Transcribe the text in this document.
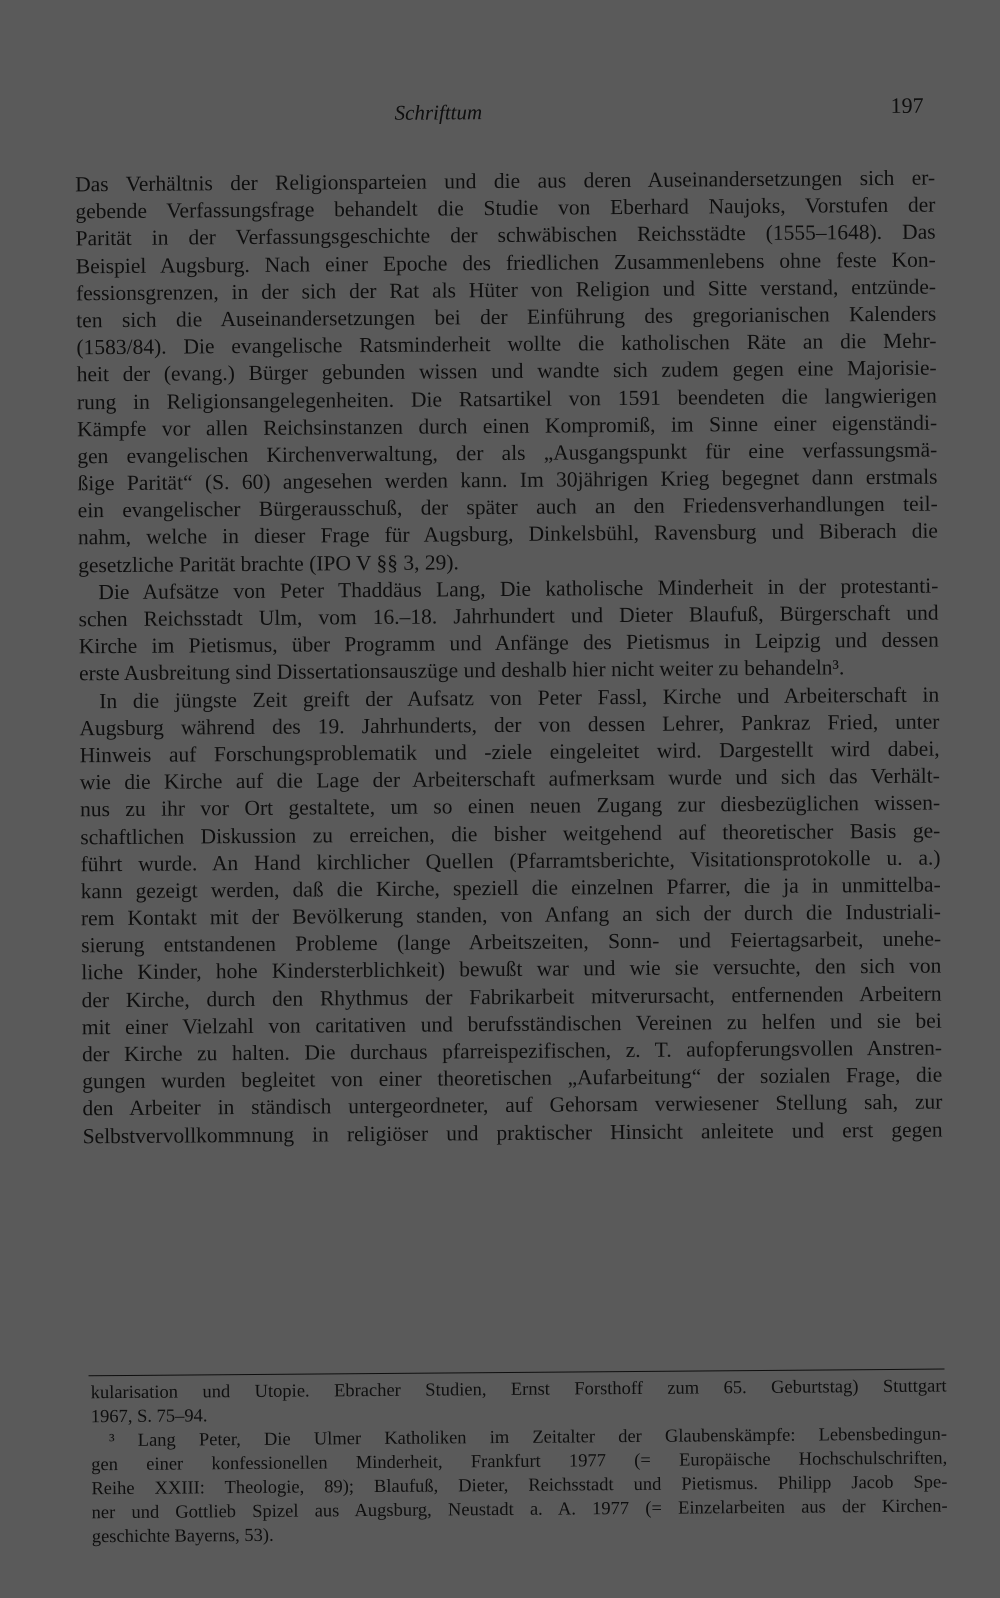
Schrifttum	197
Das Verhältnis der Religionsparteien und die aus deren Auseinandersetzungen sich er-
gebende Verfassungsfrage behandelt die Studie von Eberhard Naujoks, Vorstufen der
Parität in der Verfassungsgeschichte der schwäbischen Reichsstädte (1555–1648). Das
Beispiel Augsburg. Nach einer Epoche des friedlichen Zusammenlebens ohne feste Kon-
fessionsgrenzen, in der sich der Rat als Hüter von Religion und Sitte verstand, entzünde-
ten sich die Auseinandersetzungen bei der Einführung des gregorianischen Kalenders
(1583/84). Die evangelische Ratsminderheit wollte die katholischen Räte an die Mehr-
heit der (evang.) Bürger gebunden wissen und wandte sich zudem gegen eine Majorisie-
rung in Religionsangelegenheiten. Die Ratsartikel von 1591 beendeten die langwierigen
Kämpfe vor allen Reichsinstanzen durch einen Kompromiß, im Sinne einer eigenständi-
gen evangelischen Kirchenverwaltung, der als „Ausgangspunkt für eine verfassungsmä-
ßige Parität“ (S. 60) angesehen werden kann. Im 30jährigen Krieg begegnet dann erstmals
ein evangelischer Bürgerausschuß, der später auch an den Friedensverhandlungen teil-
nahm, welche in dieser Frage für Augsburg, Dinkelsbühl, Ravensburg und Biberach die
gesetzliche Parität brachte (IPO V §§ 3, 29).
Die Aufsätze von Peter Thaddäus Lang, Die katholische Minderheit in der protestanti-
schen Reichsstadt Ulm, vom 16.–18. Jahrhundert und Dieter Blaufuß, Bürgerschaft und
Kirche im Pietismus, über Programm und Anfänge des Pietismus in Leipzig und dessen
erste Ausbreitung sind Dissertationsauszüge und deshalb hier nicht weiter zu behandeln³.
In die jüngste Zeit greift der Aufsatz von Peter Fassl, Kirche und Arbeiterschaft in
Augsburg während des 19. Jahrhunderts, der von dessen Lehrer, Pankraz Fried, unter
Hinweis auf Forschungsproblematik und -ziele eingeleitet wird. Dargestellt wird dabei,
wie die Kirche auf die Lage der Arbeiterschaft aufmerksam wurde und sich das Verhält-
nus zu ihr vor Ort gestaltete, um so einen neuen Zugang zur diesbezüglichen wissen-
schaftlichen Diskussion zu erreichen, die bisher weitgehend auf theoretischer Basis ge-
führt wurde. An Hand kirchlicher Quellen (Pfarramtsberichte, Visitationsprotokolle u. a.)
kann gezeigt werden, daß die Kirche, speziell die einzelnen Pfarrer, die ja in unmittelba-
rem Kontakt mit der Bevölkerung standen, von Anfang an sich der durch die Industriali-
sierung entstandenen Probleme (lange Arbeitszeiten, Sonn- und Feiertagsarbeit, unehe-
liche Kinder, hohe Kindersterblichkeit) bewußt war und wie sie versuchte, den sich von
der Kirche, durch den Rhythmus der Fabrikarbeit mitverursacht, entfernenden Arbeitern
mit einer Vielzahl von caritativen und berufsständischen Vereinen zu helfen und sie bei
der Kirche zu halten. Die durchaus pfarreispezifischen, z. T. aufopferungsvollen Anstren-
gungen wurden begleitet von einer theoretischen „Aufarbeitung“ der sozialen Frage, die
den Arbeiter in ständisch untergeordneter, auf Gehorsam verwiesener Stellung sah, zur
Selbstvervollkommnung in religiöser und praktischer Hinsicht anleitete und erst gegen
kularisation und Utopie. Ebracher Studien, Ernst Forsthoff zum 65. Geburtstag) Stuttgart
1967, S. 75–94.
³ Lang Peter, Die Ulmer Katholiken im Zeitalter der Glaubenskämpfe: Lebensbedingun-
gen einer konfessionellen Minderheit, Frankfurt 1977 (= Europäische Hochschulschriften,
Reihe XXIII: Theologie, 89); Blaufuß, Dieter, Reichsstadt und Pietismus. Philipp Jacob Spe-
ner und Gottlieb Spizel aus Augsburg, Neustadt a. A. 1977 (= Einzelarbeiten aus der Kirchen-
geschichte Bayerns, 53).
